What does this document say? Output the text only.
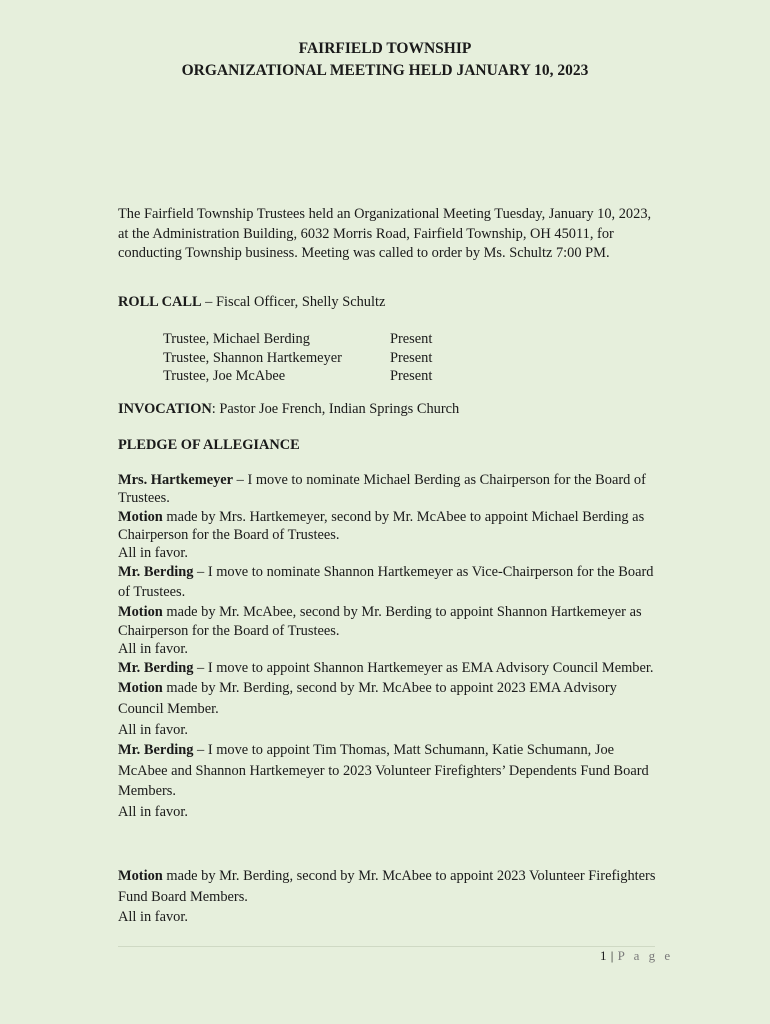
FAIRFIELD TOWNSHIP
ORGANIZATIONAL MEETING HELD JANUARY 10, 2023
The Fairfield Township Trustees held an Organizational Meeting Tuesday, January 10, 2023, at the Administration Building, 6032 Morris Road, Fairfield Township, OH 45011, for conducting Township business. Meeting was called to order by Ms. Schultz 7:00 PM.
ROLL CALL – Fiscal Officer, Shelly Schultz
Trustee, Michael Berding	Present
Trustee, Shannon Hartkemeyer	Present
Trustee, Joe McAbee	Present
INVOCATION: Pastor Joe French, Indian Springs Church
PLEDGE OF ALLEGIANCE

Mrs. Hartkemeyer – I move to nominate Michael Berding as Chairperson for the Board of Trustees.

Motion made by Mrs. Hartkemeyer, second by Mr. McAbee to appoint Michael Berding as Chairperson for the Board of Trustees.

All in favor.

Mr. Berding – I move to nominate Shannon Hartkemeyer as Vice-Chairperson for the Board of Trustees.

Motion made by Mr. McAbee, second by Mr. Berding to appoint Shannon Hartkemeyer as Chairperson for the Board of Trustees.

All in favor.

Mr. Berding – I move to appoint Shannon Hartkemeyer as EMA Advisory Council Member.

Motion made by Mr. Berding, second by Mr. McAbee to appoint 2023 EMA Advisory Council Member.

All in favor.

Mr. Berding – I move to appoint Tim Thomas, Matt Schumann, Katie Schumann, Joe McAbee and Shannon Hartkemeyer to 2023 Volunteer Firefighters’ Dependents Fund Board Members.

All in favor.

Motion made by Mr. Berding, second by Mr. McAbee to appoint 2023 Volunteer Firefighters Fund Board Members.

All in favor.

1 | P a g e
